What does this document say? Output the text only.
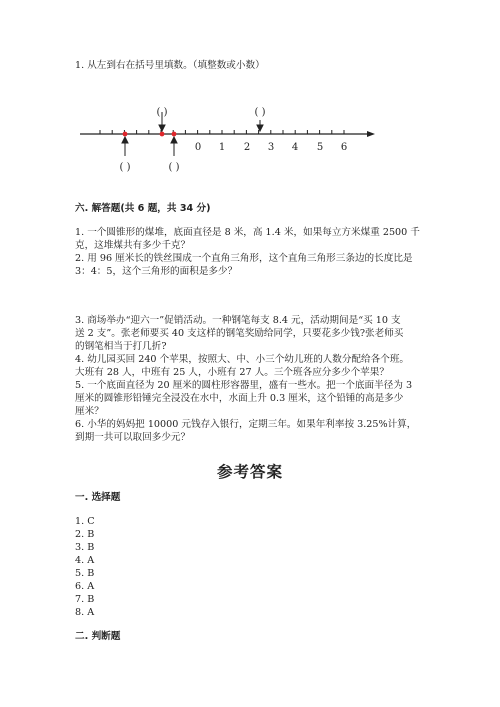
1. 从左到右在括号里填数。（填整数或小数）
0 1 2 3 4 5 6
( )	( )
( )	( )
六. 解答题(共 6 题，共 34 分)
1. 一个圆锥形的煤堆，底面直径是 8 米，高 1.4 米，如果每立方米煤重 2500 千
克，这堆煤共有多少千克？
2. 用 96 厘米长的铁丝围成一个直角三角形，这个直角三角形三条边的长度比是
3：4：5，这个三角形的面积是多少？
3. 商场举办“迎六一”促销活动。一种钢笔每支 8.4 元，活动期间是“买 10 支
送 2 支”。张老师要买 40 支这样的钢笔奖励给同学，只要花多少钱?张老师买
的钢笔相当于打几折?
4. 幼儿园买回 240 个苹果，按照大、中、小三个幼儿班的人数分配给各个班。
大班有 28 人，中班有 25 人，小班有 27 人。三个班各应分多少个苹果？
5. 一个底面直径为 20 厘米的圆柱形容器里，盛有一些水。把一个底面半径为 3
厘米的圆锥形铅锤完全浸没在水中，水面上升 0.3 厘米，这个铅锤的高是多少
厘米？
6. 小华的妈妈把 10000 元钱存入银行，定期三年。如果年利率按 3.25%计算，
到期一共可以取回多少元？
参考答案
一. 选择题
1. C
2. B
3. B
4. A
5. B
6. A
7. B
8. A
二. 判断题
